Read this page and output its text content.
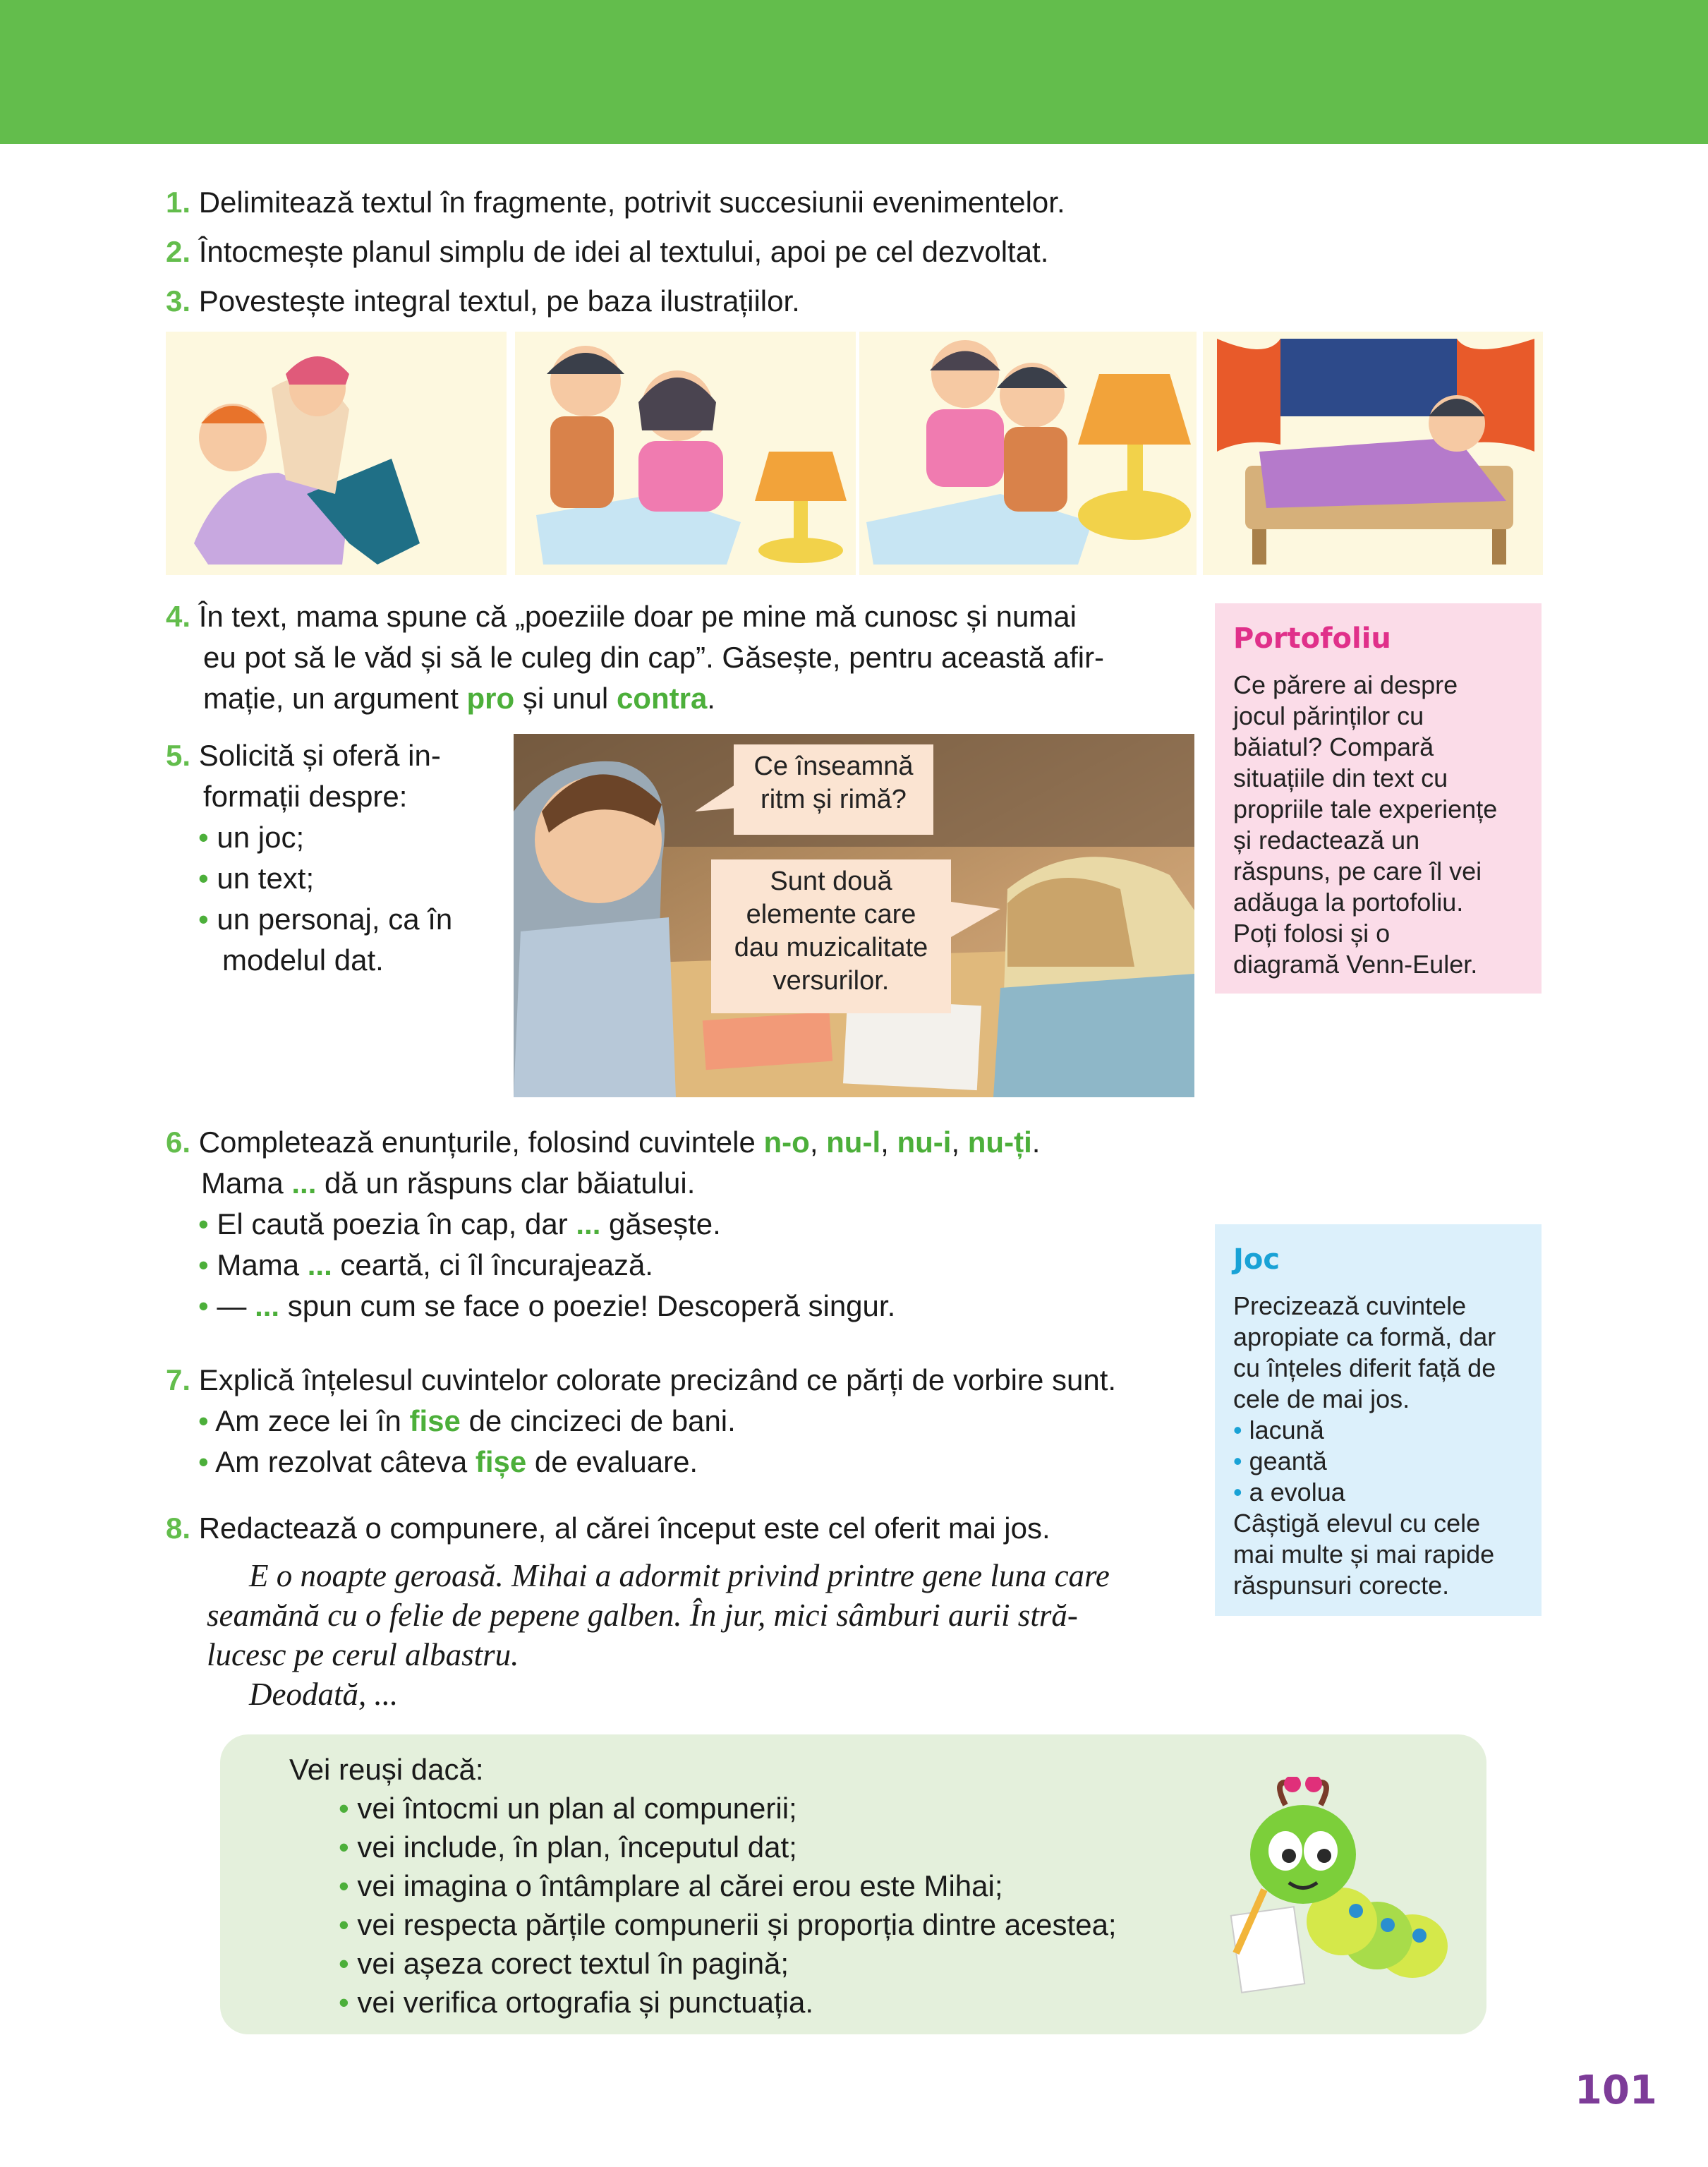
1. Delimitează textul în fragmente, potrivit succesiunii evenimentelor.
2. Întocmește planul simplu de idei al textului, apoi pe cel dezvoltat.
3. Povestește integral textul, pe baza ilustrațiilor.
4. În text, mama spune că „poeziile doar pe mine mă cunosc și numai
eu pot să le văd și să le culeg din cap”. Găsește, pentru această afir-
mație, un argument pro și unul contra.
Portofoliu
Ce părere ai despre
jocul părinților cu
băiatul? Compară
situațiile din text cu
propriile tale experiențe
și redactează un
răspuns, pe care îl vei
adăuga la portofoliu.
Poți folosi și o
diagramă Venn-Euler.
5. Solicită și oferă in-
formații despre:
• un joc;
• un text;
• un personaj, ca în
modelul dat.
Ce înseamnă
ritm și rimă?
Sunt două
elemente care
dau muzicalitate
versurilor.
6. Completează enunțurile, folosind cuvintele n-o, nu-l, nu-i, nu-ți.
Mama ... dă un răspuns clar băiatului.
• El caută poezia în cap, dar ... găsește.
• Mama ... ceartă, ci îl încurajează.
• — ... spun cum se face o poezie! Descoperă singur.
Joc
Precizează cuvintele
apropiate ca formă, dar
cu înțeles diferit față de
cele de mai jos.
• lacună
• geantă
• a evolua
Câștigă elevul cu cele
mai multe și mai rapide
răspunsuri corecte.
7. Explică înțelesul cuvintelor colorate precizând ce părți de vorbire sunt.
• Am zece lei în fise de cincizeci de bani.
• Am rezolvat câteva fișe de evaluare.
8. Redactează o compunere, al cărei început este cel oferit mai jos.
E o noapte geroasă. Mihai a adormit privind printre gene luna care
seamănă cu o felie de pepene galben. În jur, mici sâmburi aurii stră-
lucesc pe cerul albastru.
Deodată, ...
Vei reuși dacă:
• vei întocmi un plan al compunerii;
• vei include, în plan, începutul dat;
• vei imagina o întâmplare al cărei erou este Mihai;
• vei respecta părțile compunerii și proporția dintre acestea;
• vei așeza corect textul în pagină;
• vei verifica ortografia și punctuația.
101
